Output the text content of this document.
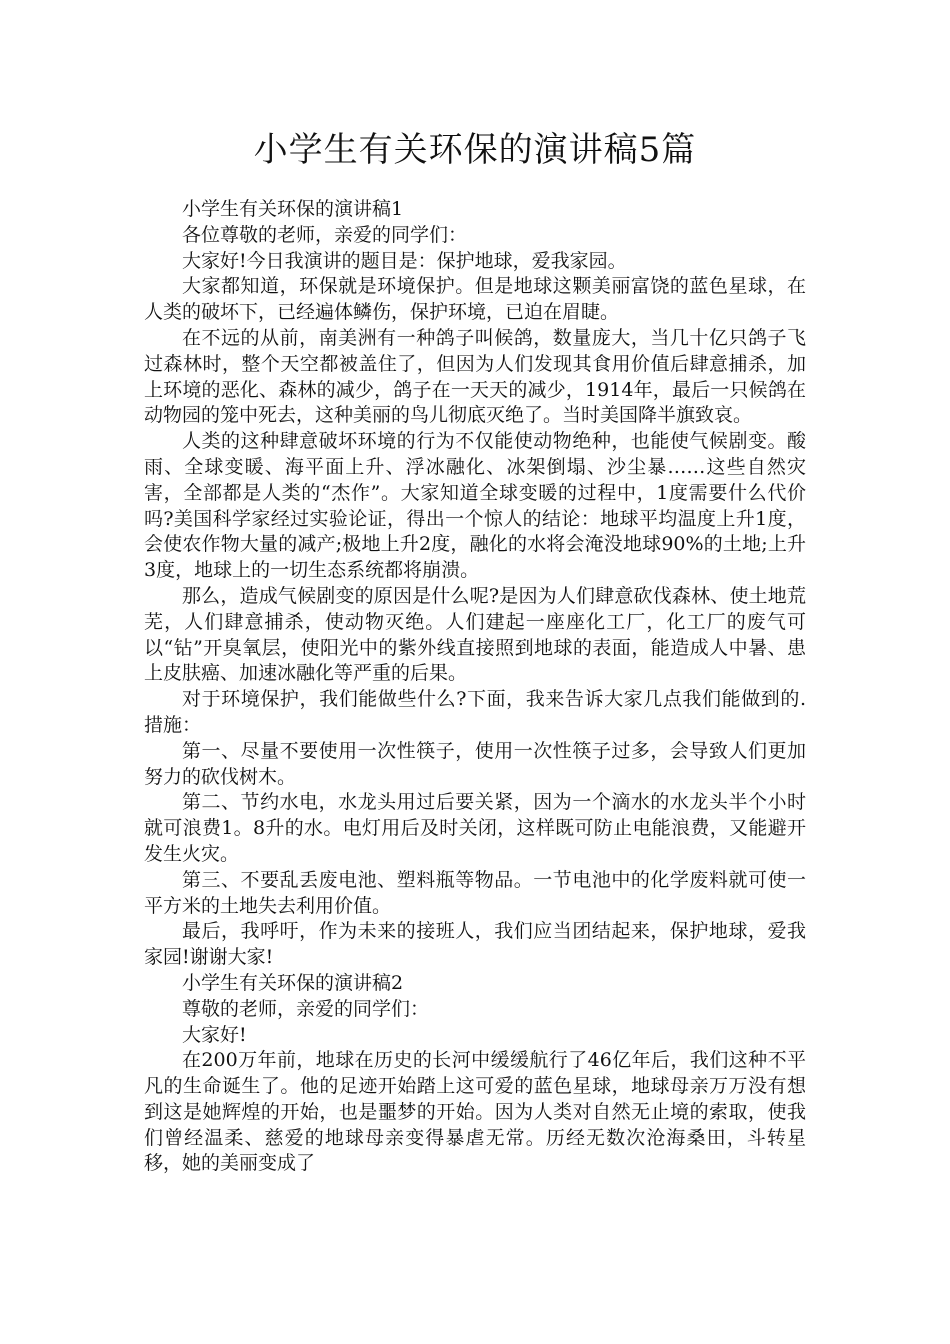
小学生有关环保的演讲稿5篇

小学生有关环保的演讲稿1

各位尊敬的老师，亲爱的同学们：

大家好!今日我演讲的题目是：保护地球，爱我家园。

大家都知道，环保就是环境保护。但是地球这颗美丽富饶的蓝色星球，在人类的破坏下，已经遍体鳞伤，保护环境，已迫在眉睫。

在不远的从前，南美洲有一种鸽子叫候鸽，数量庞大，当几十亿只鸽子飞过森林时，整个天空都被盖住了，但因为人们发现其食用价值后肆意捕杀，加上环境的恶化、森林的减少，鸽子在一天天的减少，1914年，最后一只候鸽在动物园的笼中死去，这种美丽的鸟儿彻底灭绝了。当时美国降半旗致哀。

人类的这种肆意破坏环境的行为不仅能使动物绝种，也能使气候剧变。酸雨、全球变暖、海平面上升、浮冰融化、冰架倒塌、沙尘暴……这些自然灾害，全部都是人类的“杰作”。大家知道全球变暖的过程中，1度需要什么代价吗?美国科学家经过实验论证，得出一个惊人的结论：地球平均温度上升1度，会使农作物大量的减产;极地上升2度，融化的水将会淹没地球90%的土地;上升3度，地球上的一切生态系统都将崩溃。

那么，造成气候剧变的原因是什么呢?是因为人们肆意砍伐森林、使土地荒芜，人们肆意捕杀，使动物灭绝。人们建起一座座化工厂，化工厂的废气可以“钻”开臭氧层，使阳光中的紫外线直接照到地球的表面，能造成人中暑、患上皮肤癌、加速冰融化等严重的后果。

对于环境保护，我们能做些什么?下面，我来告诉大家几点我们能做到的.措施：

第一、尽量不要使用一次性筷子，使用一次性筷子过多，会导致人们更加努力的砍伐树木。

第二、节约水电，水龙头用过后要关紧，因为一个滴水的水龙头半个小时就可浪费1。8升的水。电灯用后及时关闭，这样既可防止电能浪费，又能避开发生火灾。

第三、不要乱丢废电池、塑料瓶等物品。一节电池中的化学废料就可使一平方米的土地失去利用价值。

最后，我呼吁，作为未来的接班人，我们应当团结起来，保护地球，爱我家园!谢谢大家!

小学生有关环保的演讲稿2

尊敬的老师，亲爱的同学们：

大家好!

在200万年前，地球在历史的长河中缓缓航行了46亿年后，我们这种不平凡的生命诞生了。他的足迹开始踏上这可爱的蓝色星球，地球母亲万万没有想到这是她辉煌的开始，也是噩梦的开始。因为人类对自然无止境的索取，使我们曾经温柔、慈爱的地球母亲变得暴虐无常。历经无数次沧海桑田，斗转星移，她的美丽变成了
